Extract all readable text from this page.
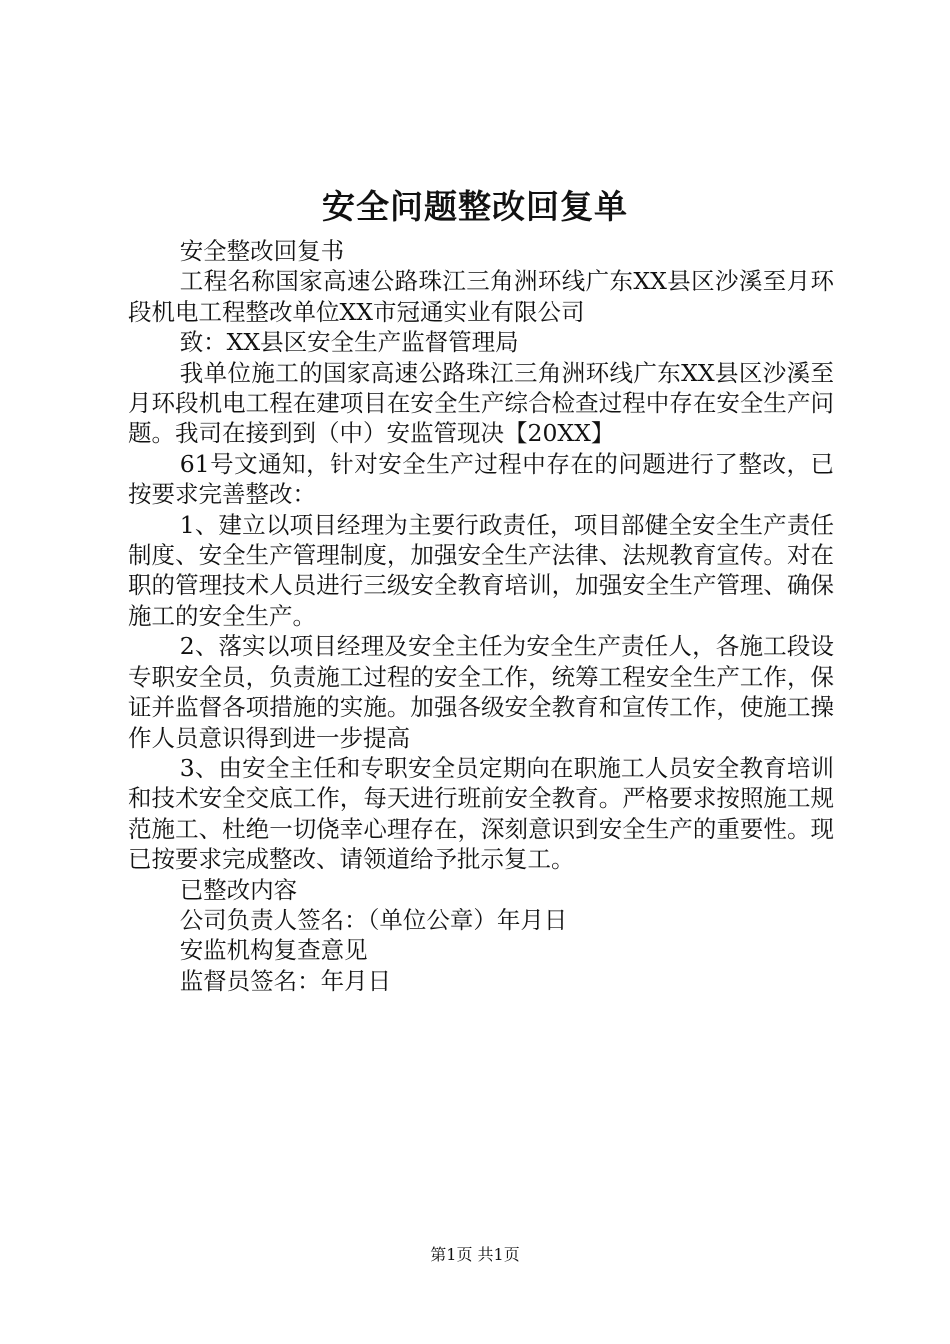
安全问题整改回复单

安全整改回复书

工程名称国家高速公路珠江三角洲环线广东XX县区沙溪至月环段机电工程整改单位XX市冠通实业有限公司

致：XX县区安全生产监督管理局

我单位施工的国家高速公路珠江三角洲环线广东XX县区沙溪至月环段机电工程在建项目在安全生产综合检查过程中存在安全生产问题。我司在接到到（中）安监管现决【20XX】

61号文通知，针对安全生产过程中存在的问题进行了整改，已按要求完善整改：

1、建立以项目经理为主要行政责任，项目部健全安全生产责任制度、安全生产管理制度，加强安全生产法律、法规教育宣传。对在职的管理技术人员进行三级安全教育培训，加强安全生产管理、确保施工的安全生产。

2、落实以项目经理及安全主任为安全生产责任人，各施工段设专职安全员，负责施工过程的安全工作，统筹工程安全生产工作，保证并监督各项措施的实施。加强各级安全教育和宣传工作，使施工操作人员意识得到进一步提高

3、由安全主任和专职安全员定期向在职施工人员安全教育培训和技术安全交底工作，每天进行班前安全教育。严格要求按照施工规范施工、杜绝一切侥幸心理存在，深刻意识到安全生产的重要性。现已按要求完成整改、请领道给予批示复工。

已整改内容

公司负责人签名：（单位公章）年月日

安监机构复查意见

监督员签名：年月日

第1页 共1页
